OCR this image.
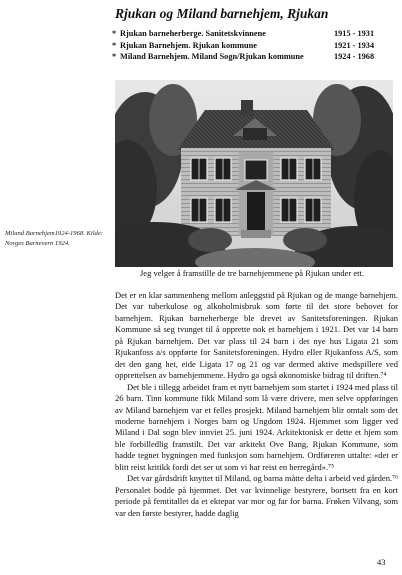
Rjukan og Miland barnehjem, Rjukan
* Rjukan barneherberge. Sanitetskvinnene	1915 - 1931
* Rjukan Barnehjem. Rjukan kommune	1921 - 1934
* Miland Barnehjem. Miland Sogn/Rjukan kommune	1924 - 1968
Miland Barnehjem1924-1968. Kilde: Norges Barnevern 1924.
Jeg velger å framstille de tre barnehjemmene på Rjukan under ett.

Det er en klar sammenheng mellom anleggstid på Rjukan og de mange barnehjem. Det var tuberkulose og alkoholmisbruk som førte til det store behovet for barnehjem. Rjukan barneherberge ble drevet av Sanitetsforeningen. Rjukan Kommune så seg tvunget til å opprette nok et barnehjem i 1921. Det var 14 barn på Rjukan barnehjem. Det var plass til 24 barn i det nye hus Ligata 21 som Rjukanfoss a/s oppførte for Sanitetsforeningen. Hydro eller Rjukanfoss A/S, som det den gang het, eide Ligata 17 og 21 og var dermed aktive medspillere ved opprettelsen av barnehjemmene. Hydro ga også økonomiske bidrag til driften.⁷⁴

Det ble i tillegg arbeidet fram et nytt barnehjem som startet i 1924 med plass til 26 barn. Tinn kommune fikk Miland som lå være drivere, men selve oppføringen av Miland barnehjem var et felles prosjekt. Miland barnehjem blir omtalt som det moderne barnehjem i Norges barn og Ungdom 1924. Hjemmet som ligger ved Miland i Dal sogn blev innviet 25. juni 1924. Arkitektonisk er dette et hjem som ble forbilledlig framstilt. Det var arkitekt Ove Bang, Rjukan Kommune, som hadde tegnet bygningen med funksjon som barnehjem. Ordføreren uttalte: «det er blitt reist kritikk fordi det ser ut som vi har reist en herregård».⁷⁵

Det var gårdsdrift knyttet til Miland, og barna måtte delta i arbeid ved gården.⁷⁶ Personalet bodde på hjemmet. Det var kvinnelige bestyrere, bortsett fra en kort periode på femtitallet da et ektepar var mor og far for barna. Frøken Vilvang, som var den første bestyrer, hadde daglig

43
